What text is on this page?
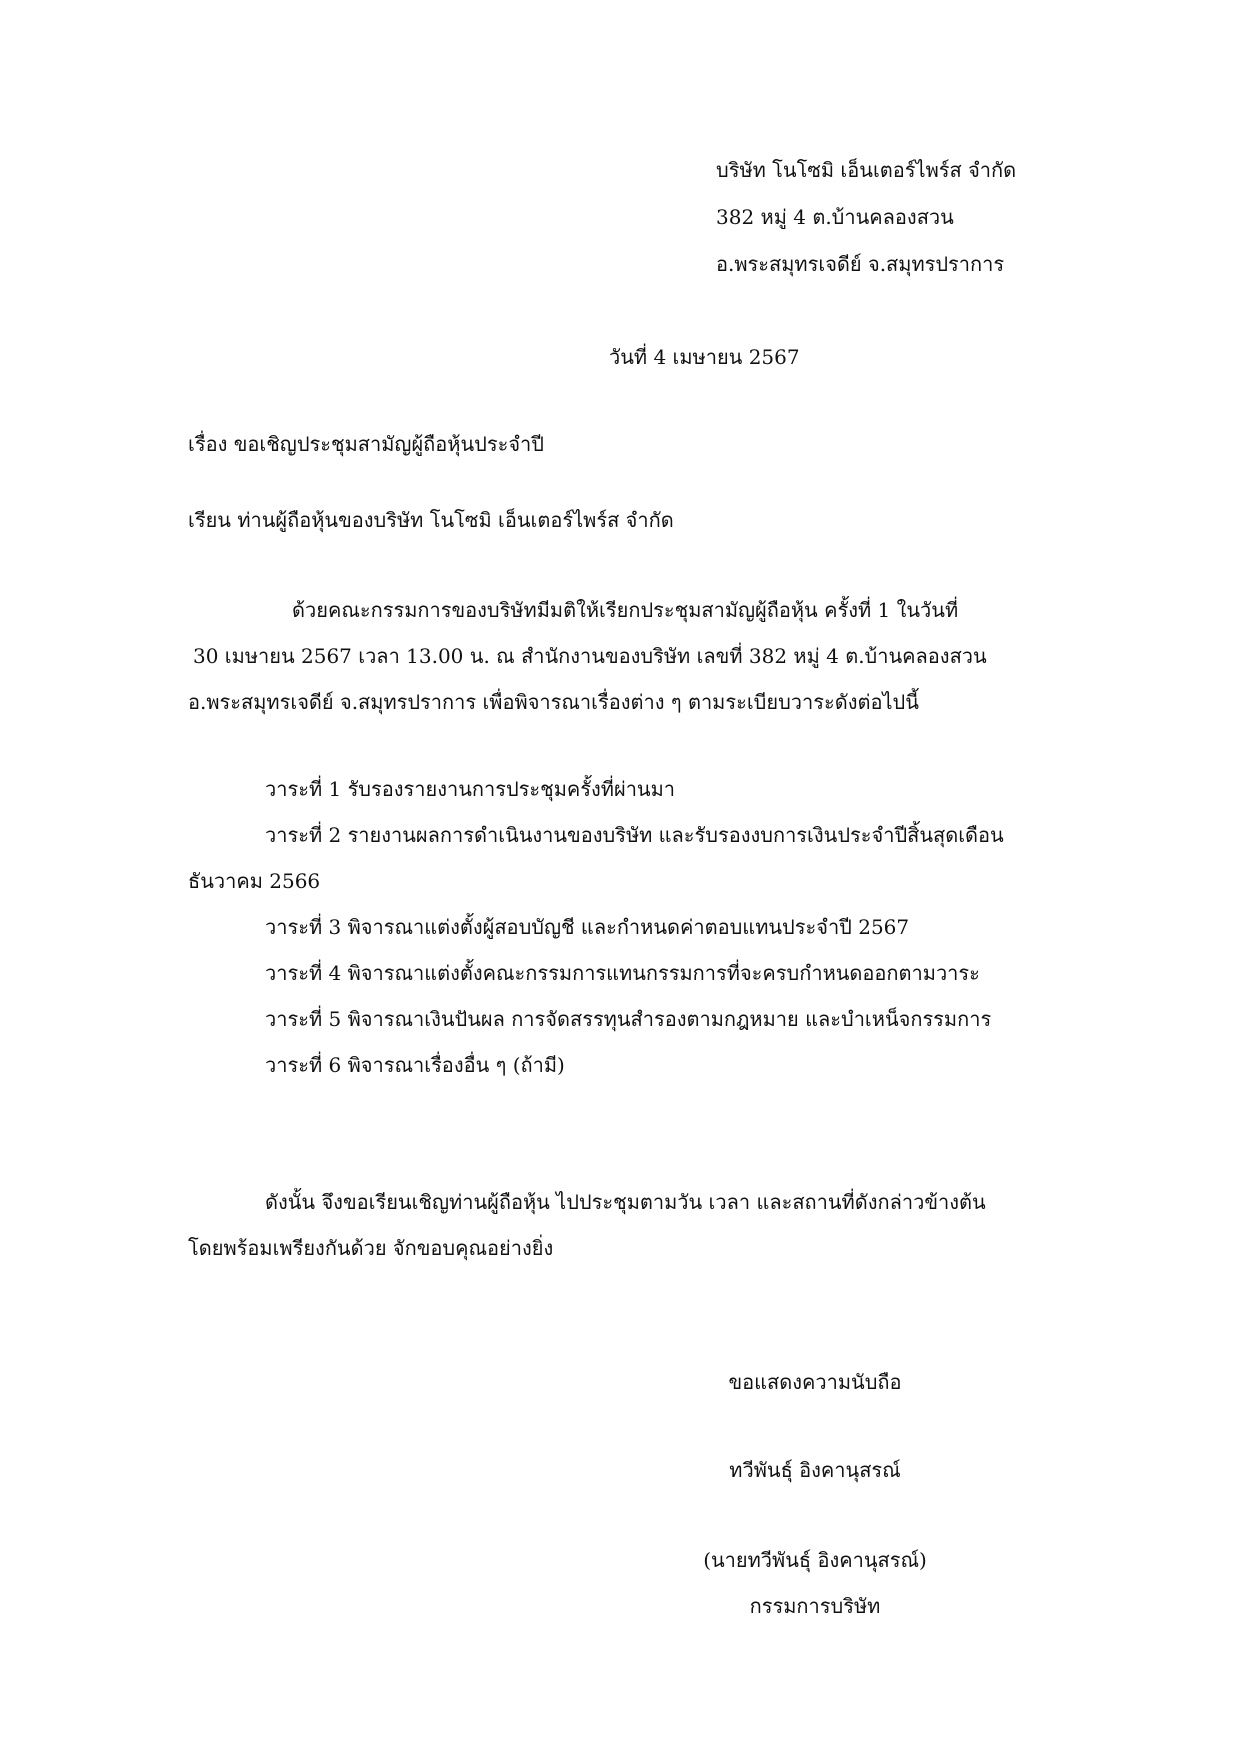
บริษัท โนโซมิ เอ็นเตอร์ไพร์ส จำกัด
382 หมู่ 4 ต.บ้านคลองสวน
อ.พระสมุทรเจดีย์ จ.สมุทรปราการ
วันที่ 4 เมษายน 2567
เรื่อง ขอเชิญประชุมสามัญผู้ถือหุ้นประจำปี
เรียน ท่านผู้ถือหุ้นของบริษัท โนโซมิ เอ็นเตอร์ไพร์ส จำกัด
ด้วยคณะกรรมการของบริษัทมีมติให้เรียกประชุมสามัญผู้ถือหุ้น ครั้งที่ 1 ในวันที่
30 เมษายน 2567 เวลา 13.00 น. ณ สำนักงานของบริษัท เลขที่ 382 หมู่ 4 ต.บ้านคลองสวน
อ.พระสมุทรเจดีย์ จ.สมุทรปราการ เพื่อพิจารณาเรื่องต่าง ๆ ตามระเบียบวาระดังต่อไปนี้
วาระที่ 1 รับรองรายงานการประชุมครั้งที่ผ่านมา
วาระที่ 2 รายงานผลการดำเนินงานของบริษัท และรับรองงบการเงินประจำปีสิ้นสุดเดือน
ธันวาคม 2566
วาระที่ 3 พิจารณาแต่งตั้งผู้สอบบัญชี และกำหนดค่าตอบแทนประจำปี 2567
วาระที่ 4 พิจารณาแต่งตั้งคณะกรรมการแทนกรรมการที่จะครบกำหนดออกตามวาระ
วาระที่ 5 พิจารณาเงินปันผล การจัดสรรทุนสำรองตามกฎหมาย และบำเหน็จกรรมการ
วาระที่ 6 พิจารณาเรื่องอื่น ๆ (ถ้ามี)
ดังนั้น จึงขอเรียนเชิญท่านผู้ถือหุ้น ไปประชุมตามวัน เวลา และสถานที่ดังกล่าวข้างต้น
โดยพร้อมเพรียงกันด้วย จักขอบคุณอย่างยิ่ง
ขอแสดงความนับถือ
ทวีพันธุ์ อิงคานุสรณ์
(นายทวีพันธุ์ อิงคานุสรณ์)
กรรมการบริษัท
